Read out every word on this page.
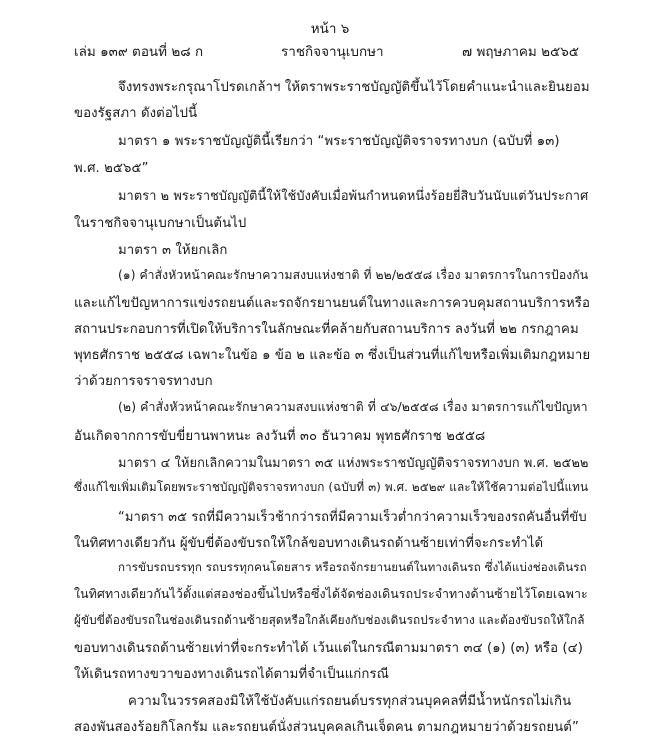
หน้า ๖
เล่ม ๑๓๙ ตอนที่ ๒๘ ก	ราชกิจจานุเบกษา	๗ พฤษภาคม ๒๕๖๕
จึงทรงพระกรุณาโปรดเกล้าฯ ให้ตราพระราชบัญญัติขึ้นไว้โดยคำแนะนำและยินยอม
ของรัฐสภา ดังต่อไปนี้
มาตรา ๑ พระราชบัญญัตินี้เรียกว่า “พระราชบัญญัติจราจรทางบก (ฉบับที่ ๑๓)
พ.ศ. ๒๕๖๕”
มาตรา ๒ พระราชบัญญัตินี้ให้ใช้บังคับเมื่อพ้นกำหนดหนึ่งร้อยยี่สิบวันนับแต่วันประกาศ
ในราชกิจจานุเบกษาเป็นต้นไป
มาตรา ๓ ให้ยกเลิก
(๑) คำสั่งหัวหน้าคณะรักษาความสงบแห่งชาติ ที่ ๒๒/๒๕๕๘ เรื่อง มาตรการในการป้องกัน
และแก้ไขปัญหาการแข่งรถยนต์และรถจักรยานยนต์ในทางและการควบคุมสถานบริการหรือ
สถานประกอบการที่เปิดให้บริการในลักษณะที่คล้ายกับสถานบริการ ลงวันที่ ๒๒ กรกฎาคม
พุทธศักราช ๒๕๕๘ เฉพาะในข้อ ๑ ข้อ ๒ และข้อ ๓ ซึ่งเป็นส่วนที่แก้ไขหรือเพิ่มเติมกฎหมาย
ว่าด้วยการจราจรทางบก
(๒) คำสั่งหัวหน้าคณะรักษาความสงบแห่งชาติ ที่ ๔๖/๒๕๕๘ เรื่อง มาตรการแก้ไขปัญหา
อันเกิดจากการขับขี่ยานพาหนะ ลงวันที่ ๓๐ ธันวาคม พุทธศักราช ๒๕๕๘
มาตรา ๔ ให้ยกเลิกความในมาตรา ๓๕ แห่งพระราชบัญญัติจราจรทางบก พ.ศ. ๒๕๒๒
ซึ่งแก้ไขเพิ่มเติมโดยพระราชบัญญัติจราจรทางบก (ฉบับที่ ๓) พ.ศ. ๒๕๒๙ และให้ใช้ความต่อไปนี้แทน
“มาตรา ๓๕ รถที่มีความเร็วช้ากว่ารถที่มีความเร็วต่ำกว่าความเร็วของรถคันอื่นที่ขับ
ในทิศทางเดียวกัน ผู้ขับขี่ต้องขับรถให้ใกล้ขอบทางเดินรถด้านซ้ายเท่าที่จะกระทำได้
การขับรถบรรทุก รถบรรทุกคนโดยสาร หรือรถจักรยานยนต์ในทางเดินรถ ซึ่งได้แบ่งช่องเดินรถ
ในทิศทางเดียวกันไว้ตั้งแต่สองช่องขึ้นไปหรือซึ่งได้จัดช่องเดินรถประจำทางด้านซ้ายไว้โดยเฉพาะ
ผู้ขับขี่ต้องขับรถในช่องเดินรถด้านซ้ายสุดหรือใกล้เคียงกับช่องเดินรถประจำทาง และต้องขับรถให้ใกล้
ขอบทางเดินรถด้านซ้ายเท่าที่จะกระทำได้ เว้นแต่ในกรณีตามมาตรา ๓๔ (๑) (๓) หรือ (๔)
ให้เดินรถทางขวาของทางเดินรถได้ตามที่จำเป็นแก่กรณี
ความในวรรคสองมิให้ใช้บังคับแก่รถยนต์บรรทุกส่วนบุคคลที่มีน้ำหนักรถไม่เกิน
สองพันสองร้อยกิโลกรัม และรถยนต์นั่งส่วนบุคคลเกินเจ็ดคน ตามกฎหมายว่าด้วยรถยนต์”
